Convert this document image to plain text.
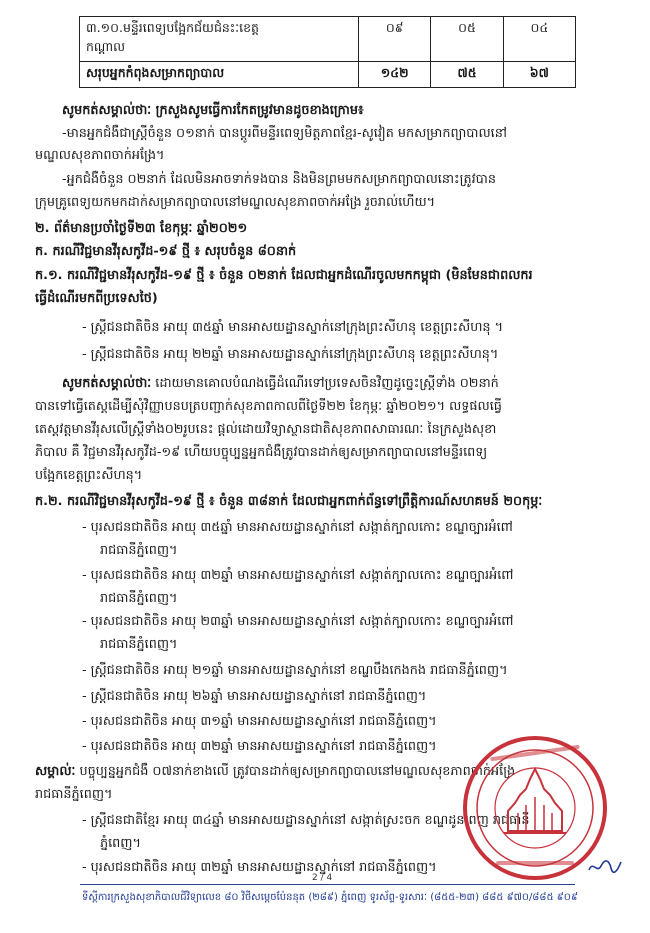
៣.១០.មន្ទីរពេទ្យបង្អែកជ័យជំនះៈខេត្ត
កណ្ដាល	០៩	០៥	០៤
សរុបអ្នកកំពុងសម្រាកព្យាបាល	១៤២	៧៥	៦៧
សូមកត់សម្គាល់ថាៈ ក្រសួងសូមធ្វើការកែតម្រូវមានដូចខាងក្រោម៖
-មានអ្នកជំងឺជាស្ត្រីចំនួន ០១នាក់ បានប្ដូរពីមន្ទីរពេទ្យមិត្តភាពខ្មែរ-សូវៀត មកសម្រាកព្យាបាលនៅ
មណ្ឌលសុខភាពចាក់អង្រែ។
-អ្នកជំងឺចំនួន ០២នាក់ ដែលមិនអាចទាក់ទងបាន និងមិនព្រមមកសម្រាកព្យាបាលនោះត្រូវបាន
ក្រុមគ្រូពេទ្យយកមកដាក់សម្រាកព្យាបាលនៅមណ្ឌលសុខភាពចាក់អង្រែ រួចរាល់ហើយ។
២. ព័ត៌មានប្រចាំថ្ងៃទី២៣ ខែកុម្ភៈ ឆ្នាំ២០២១
ក. ករណីវិជ្ជមានវីរុសកូវីដ-១៩ ថ្មី ៖ សរុបចំនួន ៨០នាក់
ក.១. ករណីវិជ្ជមានវីរុសកូវីដ-១៩ ថ្មី ៖ ចំនួន ០២នាក់ ដែលជាអ្នកដំណើរចូលមកកម្ពុជា (មិនមែនជាពលករ
ធ្វើដំណើរមកពីប្រទេសថៃ)
- ស្ត្រីជនជាតិចិន អាយុ ៣៥ឆ្នាំ មានអាសយដ្ឋានស្នាក់នៅក្រុងព្រះសីហនុ ខេត្តព្រះសីហនុ ។
- ស្ត្រីជនជាតិចិន អាយុ ២២ឆ្នាំ មានអាសយដ្ឋានស្នាក់នៅក្រុងព្រះសីហនុ ខេត្តព្រះសីហនុ។
សូមកត់សម្គាល់ថាៈ ដោយមានគោលបំណងធ្វើដំណើរទៅប្រទេសចិនវិញដូច្នេះស្ត្រីទាំង ០២នាក់
បានទៅធ្វើតេស្តដើម្បីសុំវិញ្ញាបនបត្របញ្ជាក់សុខភាពកាលពីថ្ងៃទី២២ ខែកុម្ភៈ ឆ្នាំ២០២១។ លទ្ធផលធ្វើ
តេស្តវត្តមានវីរុសលើស្ត្រីទាំង០២រូបនេះ ផ្តល់ដោយវិទ្យាស្ថានជាតិសុខភាពសាធារណៈ នៃក្រសួងសុខា
ភិបាល គឺ វិជ្ជមានវីរុសកូវីដ-១៩ ហើយបច្ចុប្បន្នអ្នកជំងឺត្រូវបានដាក់ឲ្យសម្រាកព្យាបាលនៅមន្ទីរពេទ្យ
បង្អែកខេត្តព្រះសីហនុ។
ក.២. ករណីវិជ្ជមានវីរុសកូវីដ-១៩ ថ្មី ៖ ចំនួន ៣៨នាក់ ដែលជាអ្នកពាក់ព័ន្ធទៅព្រឹត្តិការណ៍សហគមន៍ ២០កុម្ភៈ
- បុរសជនជាតិចិន អាយុ ៣៥ឆ្នាំ មានអាសយដ្ឋានស្នាក់នៅ សង្កាត់ក្បាលកោះ ខណ្ឌច្បារអំពៅ
រាជធានីភ្នំពេញ។
- បុរសជនជាតិចិន អាយុ ៣២ឆ្នាំ មានអាសយដ្ឋានស្នាក់នៅ សង្កាត់ក្បាលកោះ ខណ្ឌច្បារអំពៅ
រាជធានីភ្នំពេញ។
- បុរសជនជាតិចិន អាយុ ២៣ឆ្នាំ មានអាសយដ្ឋានស្នាក់នៅ សង្កាត់ក្បាលកោះ ខណ្ឌច្បារអំពៅ
រាជធានីភ្នំពេញ។
- ស្ត្រីជនជាតិចិន អាយុ ២១ឆ្នាំ មានអាសយដ្ឋានស្នាក់នៅ ខណ្ឌបឹងកេងកង រាជធានីភ្នំពេញ។
- ស្ត្រីជនជាតិចិន អាយុ ២៦ឆ្នាំ មានអាសយដ្ឋានស្នាក់នៅ រាជធានីភ្នំពេញ។
- បុរសជនជាតិចិន អាយុ ៣១ឆ្នាំ មានអាសយដ្ឋានស្នាក់នៅ រាជធានីភ្នំពេញ។
- បុរសជនជាតិចិន អាយុ ៣២ឆ្នាំ មានអាសយដ្ឋានស្នាក់នៅ រាជធានីភ្នំពេញ។
សម្គាល់ៈ បច្ចុប្បន្នអ្នកជំងឺ ០៧នាក់ខាងលើ ត្រូវបានដាក់ឲ្យសម្រាកព្យាបាលនៅមណ្ឌលសុខភាពចាក់អង្រែ
រាជធានីភ្នំពេញ។
- ស្ត្រីជនជាតិខ្មែរ អាយុ ៣៤ឆ្នាំ មានអាសយដ្ឋានស្នាក់នៅ សង្កាត់ស្រះចក ខណ្ឌដូនពេញ រាជធានី
ភ្នំពេញ។
- បុរសជនជាតិចិន អាយុ ៣២ឆ្នាំ មានអាសយដ្ឋានស្នាក់នៅ រាជធានីភ្នំពេញ។
2 / 4
ទីស្ដីការក្រសួងសុខាភិបាលជីវិទ្យាលេខ ៨០ វិថីសម្ដេចប៉ែននុត (២៨៩) ភ្នំពេញ ទូរស័ព្ទ-ទូរសារៈ (៨៥៥-២៣) ៨៨៥ ៩៧០/៨៨៥ ៩០៩
